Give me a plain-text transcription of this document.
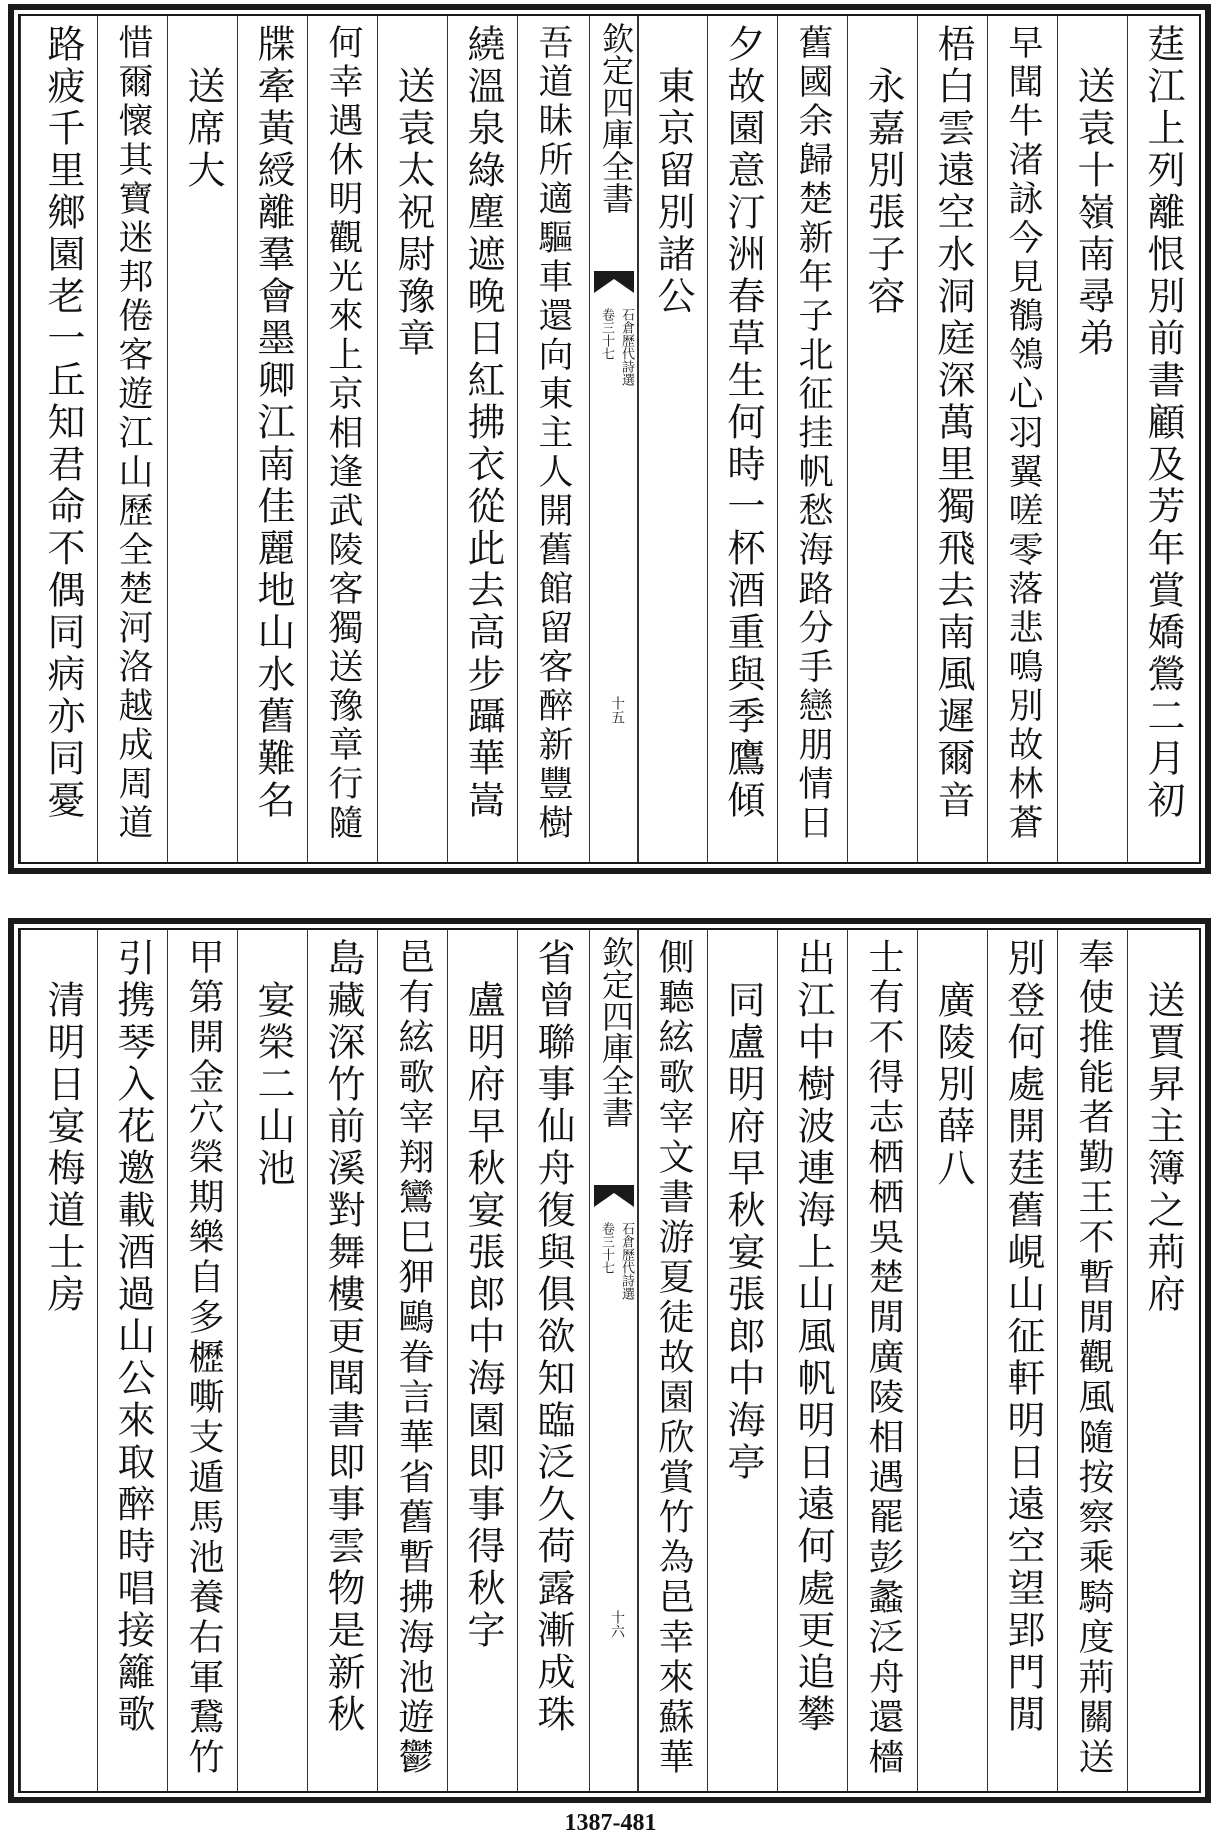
莛江上列離恨別前書顧及芳年賞嬌鶯二月初
　送袁十嶺南尋弟
早聞牛渚詠今見鶺鴒心羽翼嗟零落悲鳴別故林蒼
梧白雲遠空水洞庭深萬里獨飛去南風遲爾音
　永嘉別張子容
舊國余歸楚新年子北征挂帆愁海路分手戀朋情日
夕故園意汀洲春草生何時一杯酒重與季鷹傾
　東京留別諸公
欽定四庫全書
石倉歷代詩選
卷三十七
十五
吾道昧所適驅車還向東主人開舊館留客醉新豐樹
繞溫泉綠塵遮晚日紅拂衣從此去高步躡華嵩
　送袁太祝尉豫章
何幸遇休明觀光來上京相逢武陵客獨送豫章行隨
牒牽黃綬離羣會墨卿江南佳麗地山水舊難名
　送席大
惜爾懷其寶迷邦倦客遊江山歷全楚河洛越成周道
路疲千里鄉園老一丘知君命不偶同病亦同憂
　送賈昇主簿之荊府
奉使推能者勤王不暫閒觀風隨按察乘騎度荊關送
別登何處開莛舊峴山征軒明日遠空望郢門閒
　廣陵別薛八
士有不得志栖栖吳楚閒廣陵相遇罷彭蠡泛舟還檣
出江中樹波連海上山風帆明日遠何處更追攀
　同盧明府早秋宴張郎中海亭
側聽絃歌宰文書游夏徒故園欣賞竹為邑幸來蘇華
欽定四庫全書
石倉歷代詩選
卷三十七
十六
省曾聯事仙舟復與俱欲知臨泛久荷露漸成珠
　盧明府早秋宴張郎中海園即事得秋字
邑有絃歌宰翔鸞巳狎鷗眷言華省舊暫拂海池遊鬱
島藏深竹前溪對舞樓更聞書即事雲物是新秋
　宴榮二山池
甲第開金穴榮期樂自多櫪嘶支遁馬池養右軍鵞竹
引携琴入花邀載酒過山公來取醉時唱接籬歌
　清明日宴梅道士房
1387-481
